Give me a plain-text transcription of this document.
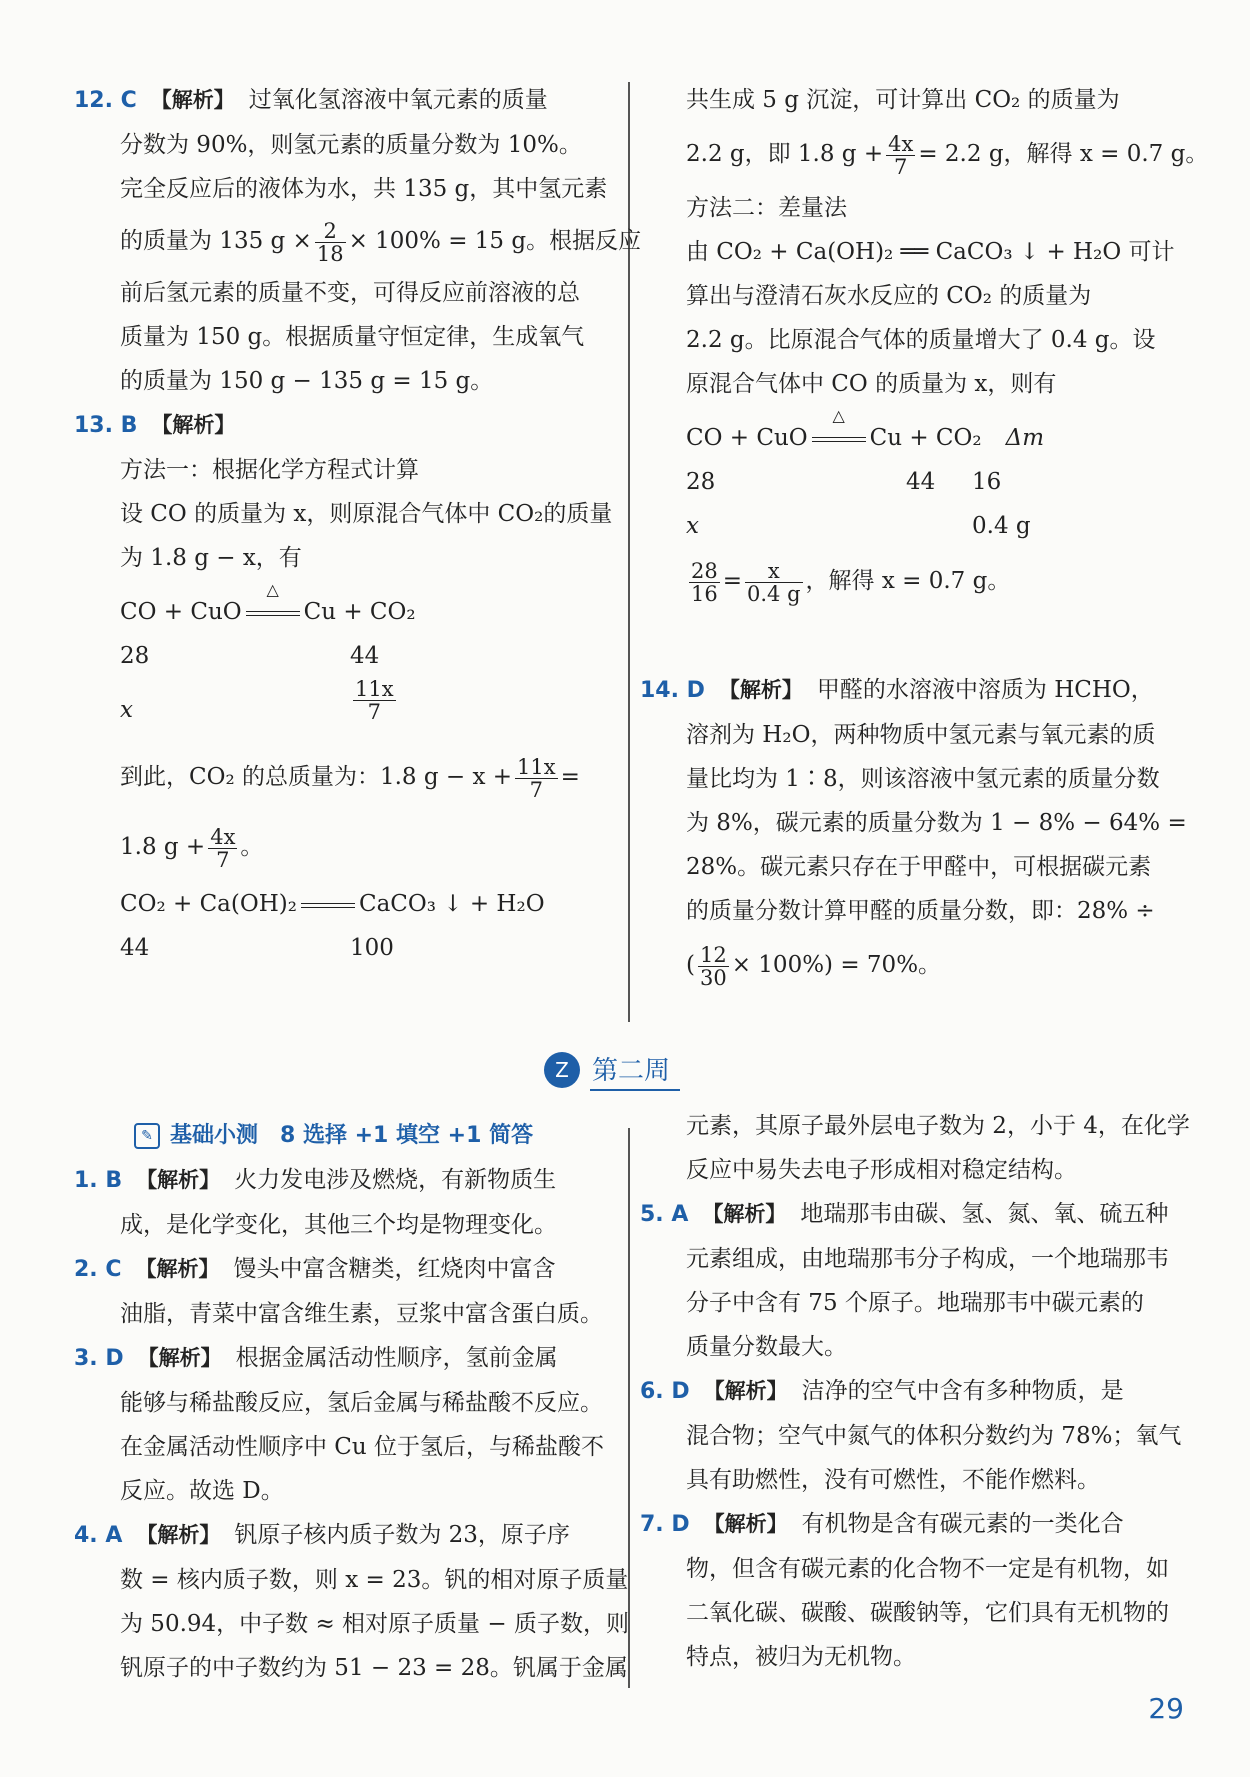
12. C 【解析】 过氧化氢溶液中氧元素的质量
分数为 90%，则氢元素的质量分数为 10%。
完全反应后的液体为水，共 135 g，其中氢元素
的质量为 135 $g \times \frac{2}{18} \times 100\% = 15$ g。根据反应
前后氢元素的质量不变，可得反应前溶液的总
质量为 150 g。根据质量守恒定律，生成氧气
的质量为 150 g − 135 g = 15 g。
13. B 【解析】
方法一：根据化学方程式计算
设 CO 的质量为 x，则原混合气体中 CO₂的质量
为 1.8 g − x，有
CO + CuO
△
Cu + CO₂
28	44
x	$\frac{11x}{7}$
到此，CO₂ 的总质量为：1.8 $g - x + \frac{11x}{7}$ =
1.8 $g + \frac{4x}{7}$ 。
CO₂ + Ca(OH)₂	CaCO₃ ↓ + H₂O
44	100
共生成 5 g 沉淀，可计算出 CO₂ 的质量为
2.2 g，即 1.8 $g + \frac{4x}{7} = 2.2$ g，解得 x = 0.7 g。
方法二：差量法
由 CO₂ + Ca(OH)₂ ══ CaCO₃ ↓ + H₂O 可计
算出与澄清石灰水反应的 CO₂ 的质量为
2.2 g。比原混合气体的质量增大了 0.4 g。设
原混合气体中 CO 的质量为 x，则有
CO + CuO
△
Cu + CO₂ Δm
28	44	16
x	0.4 g
$\frac{28}{16} = \frac{x}{0.4 g}$ ，解得 x = 0.7 g。
14. D 【解析】 甲醛的水溶液中溶质为 HCHO，
溶剂为 H₂O，两种物质中氢元素与氧元素的质
量比均为 1∶8，则该溶液中氢元素的质量分数
为 8%，碳元素的质量分数为 1 − 8% − 64% =
28%。碳元素只存在于甲醛中，可根据碳元素
的质量分数计算甲醛的质量分数，即：28% ÷
( $\frac{12}{30} \times 100\%) = 70\%$。
Z 第二周
✎ 基础小测　8 选择 +1 填空 +1 简答
1. B 【解析】 火力发电涉及燃烧，有新物质生
成，是化学变化，其他三个均是物理变化。
2. C 【解析】 馒头中富含糖类，红烧肉中富含
油脂，青菜中富含维生素，豆浆中富含蛋白质。
3. D 【解析】 根据金属活动性顺序，氢前金属
能够与稀盐酸反应，氢后金属与稀盐酸不反应。
在金属活动性顺序中 Cu 位于氢后，与稀盐酸不
反应。故选 D。
4. A 【解析】 钒原子核内质子数为 23，原子序
数 = 核内质子数，则 x = 23。钒的相对原子质量
为 50.94，中子数 ≈ 相对原子质量 − 质子数，则
钒原子的中子数约为 51 − 23 = 28。钒属于金属
元素，其原子最外层电子数为 2，小于 4，在化学
反应中易失去电子形成相对稳定结构。
5. A 【解析】 地瑞那韦由碳、氢、氮、氧、硫五种
元素组成，由地瑞那韦分子构成，一个地瑞那韦
分子中含有 75 个原子。地瑞那韦中碳元素的
质量分数最大。
6. D 【解析】 洁净的空气中含有多种物质，是
混合物；空气中氮气的体积分数约为 78%；氧气
具有助燃性，没有可燃性，不能作燃料。
7. D 【解析】 有机物是含有碳元素的一类化合
物，但含有碳元素的化合物不一定是有机物，如
二氧化碳、碳酸、碳酸钠等，它们具有无机物的
特点，被归为无机物。
29
